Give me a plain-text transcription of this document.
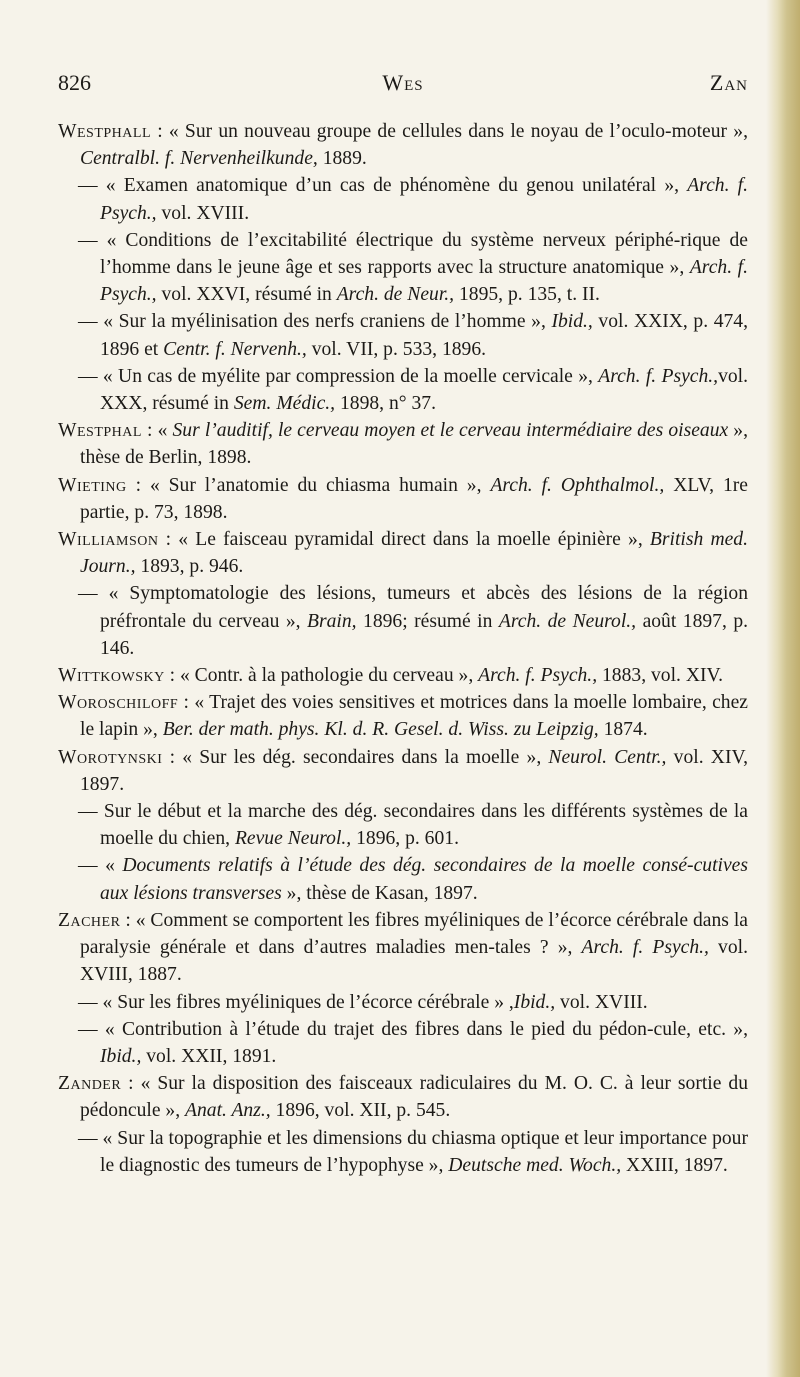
826	Wes	Zan

Westphall : « Sur un nouveau groupe de cellules dans le noyau de l’oculo-moteur », Centralbl. f. Nervenheilkunde, 1889.

— « Examen anatomique d’un cas de phénomène du genou unilatéral », Arch. f. Psych., vol. XVIII.

— « Conditions de l’excitabilité électrique du système nerveux périphé-rique de l’homme dans le jeune âge et ses rapports avec la structure anatomique », Arch. f. Psych., vol. XXVI, résumé in Arch. de Neur., 1895, p. 135, t. II.

— « Sur la myélinisation des nerfs craniens de l’homme », Ibid., vol. XXIX, p. 474, 1896 et Centr. f. Nervenh., vol. VII, p. 533, 1896.

— « Un cas de myélite par compression de la moelle cervicale », Arch. f. Psych.,vol. XXX, résumé in Sem. Médic., 1898, n° 37.

Westphal : « Sur l’auditif, le cerveau moyen et le cerveau intermédiaire des oiseaux », thèse de Berlin, 1898.

Wieting : « Sur l’anatomie du chiasma humain », Arch. f. Ophthalmol., XLV, 1re partie, p. 73, 1898.

Williamson : « Le faisceau pyramidal direct dans la moelle épinière », British med. Journ., 1893, p. 946.

— « Symptomatologie des lésions, tumeurs et abcès des lésions de la région préfrontale du cerveau », Brain, 1896; résumé in Arch. de Neurol., août 1897, p. 146.

Wittkowsky : « Contr. à la pathologie du cerveau », Arch. f. Psych., 1883, vol. XIV.

Woroschiloff : « Trajet des voies sensitives et motrices dans la moelle lombaire, chez le lapin », Ber. der math. phys. Kl. d. R. Gesel. d. Wiss. zu Leipzig, 1874.

Worotynski : « Sur les dég. secondaires dans la moelle », Neurol. Centr., vol. XIV, 1897.

— Sur le début et la marche des dég. secondaires dans les différents systèmes de la moelle du chien, Revue Neurol., 1896, p. 601.

— « Documents relatifs à l’étude des dég. secondaires de la moelle consé-cutives aux lésions transverses », thèse de Kasan, 1897.

Zacher : « Comment se comportent les fibres myéliniques de l’écorce cérébrale dans la paralysie générale et dans d’autres maladies men-tales ? », Arch. f. Psych., vol. XVIII, 1887.

— « Sur les fibres myéliniques de l’écorce cérébrale » ,Ibid., vol. XVIII.

— « Contribution à l’étude du trajet des fibres dans le pied du pédon-cule, etc. », Ibid., vol. XXII, 1891.

Zander : « Sur la disposition des faisceaux radiculaires du M. O. C. à leur sortie du pédoncule », Anat. Anz., 1896, vol. XII, p. 545.

— « Sur la topographie et les dimensions du chiasma optique et leur importance pour le diagnostic des tumeurs de l’hypophyse », Deutsche med. Woch., XXIII, 1897.
